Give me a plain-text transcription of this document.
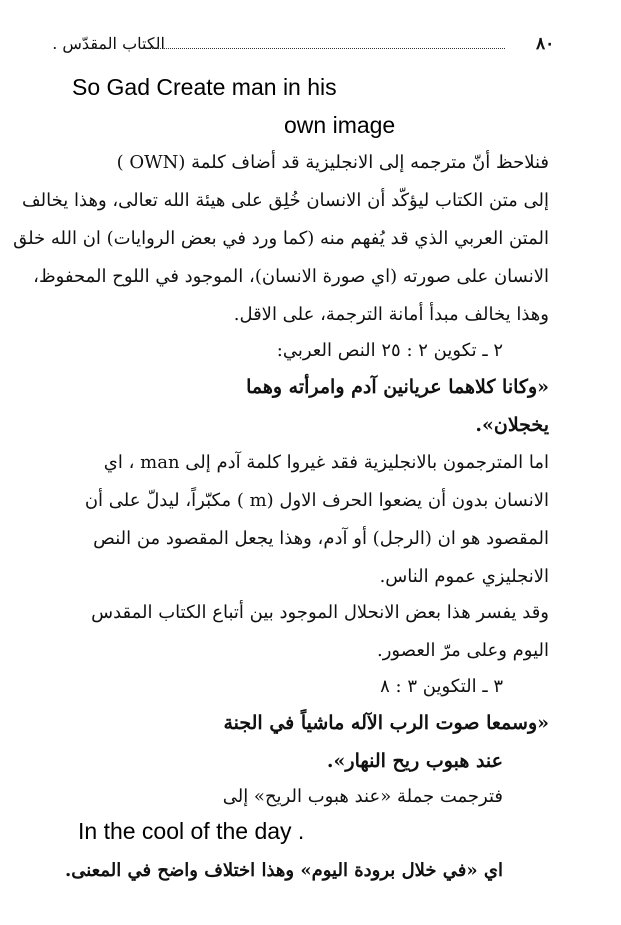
٨٠
الكتاب المقدّس .
So Gad Create man in his
own image
فنلاحظ أنّ مترجمه إلى الانجليزية قد أضاف كلمة (OWN )
إلى متن الكتاب ليؤكّد أن الانسان خُلِق على هيئة الله تعالى، وهذا يخالف
المتن العربي الذي قد يُفهم منه (كما ورد في بعض الروايات) ان الله خلق
الانسان على صورته (اي صورة الانسان)، الموجود في اللوح المحفوظ،
وهذا يخالف مبدأ أمانة الترجمة، على الاقل.
٢ ـ تكوين ٢ : ٢٥ النص العربي:
«وكانا كلاهما عريانين آدم وامرأته وهما
يخجلان».
اما المترجمون بالانجليزية فقد غيروا كلمة آدم إلى man ، اي
الانسان بدون أن يضعوا الحرف الاول (m ) مكبّراً، ليدلّ على أن
المقصود هو ان (الرجل) أو آدم، وهذا يجعل المقصود من النص
الانجليزي عموم الناس.
وقد يفسر هذا بعض الانحلال الموجود بين أتباع الكتاب المقدس
اليوم وعلى مرّ العصور.
٣ ـ التكوين ٣ : ٨
«وسمعا صوت الرب الآله ماشياً في الجنة
عند هبوب ريح النهار».
فترجمت جملة «عند هبوب الريح» إلى
In the cool of the day .
اي «في خلال برودة اليوم» وهذا اختلاف واضح في المعنى.
